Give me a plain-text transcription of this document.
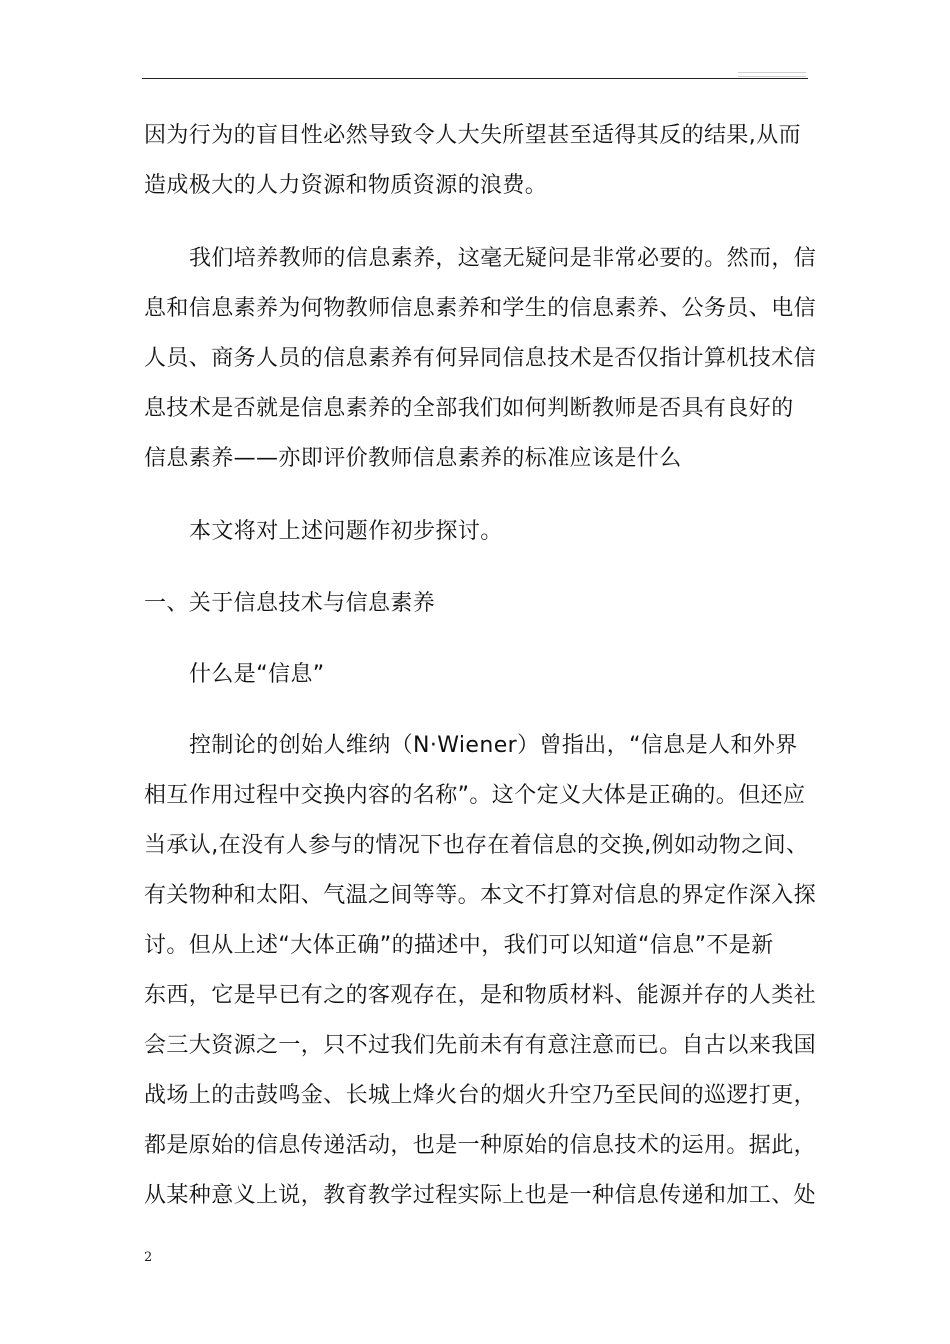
因为行为的盲目性必然导致令人大失所望甚至适得其反的结果,从而
造成极大的人力资源和物质资源的浪费。
我们培养教师的信息素养，这毫无疑问是非常必要的。然而，信
息和信息素养为何物教师信息素养和学生的信息素养、公务员、电信
人员、商务人员的信息素养有何异同信息技术是否仅指计算机技术信
息技术是否就是信息素养的全部我们如何判断教师是否具有良好的
信息素养——亦即评价教师信息素养的标准应该是什么
本文将对上述问题作初步探讨。
一、关于信息技术与信息素养
什么是“信息”
控制论的创始人维纳（N·Wiener）曾指出，“信息是人和外界
相互作用过程中交换内容的名称”。这个定义大体是正确的。但还应
当承认,在没有人参与的情况下也存在着信息的交换,例如动物之间、
有关物种和太阳、气温之间等等。本文不打算对信息的界定作深入探
讨。但从上述“大体正确”的描述中，我们可以知道“信息”不是新
东西，它是早已有之的客观存在，是和物质材料、能源并存的人类社
会三大资源之一，只不过我们先前未有有意注意而已。自古以来我国
战场上的击鼓鸣金、长城上烽火台的烟火升空乃至民间的巡逻打更，
都是原始的信息传递活动，也是一种原始的信息技术的运用。据此，
从某种意义上说，教育教学过程实际上也是一种信息传递和加工、处
2
